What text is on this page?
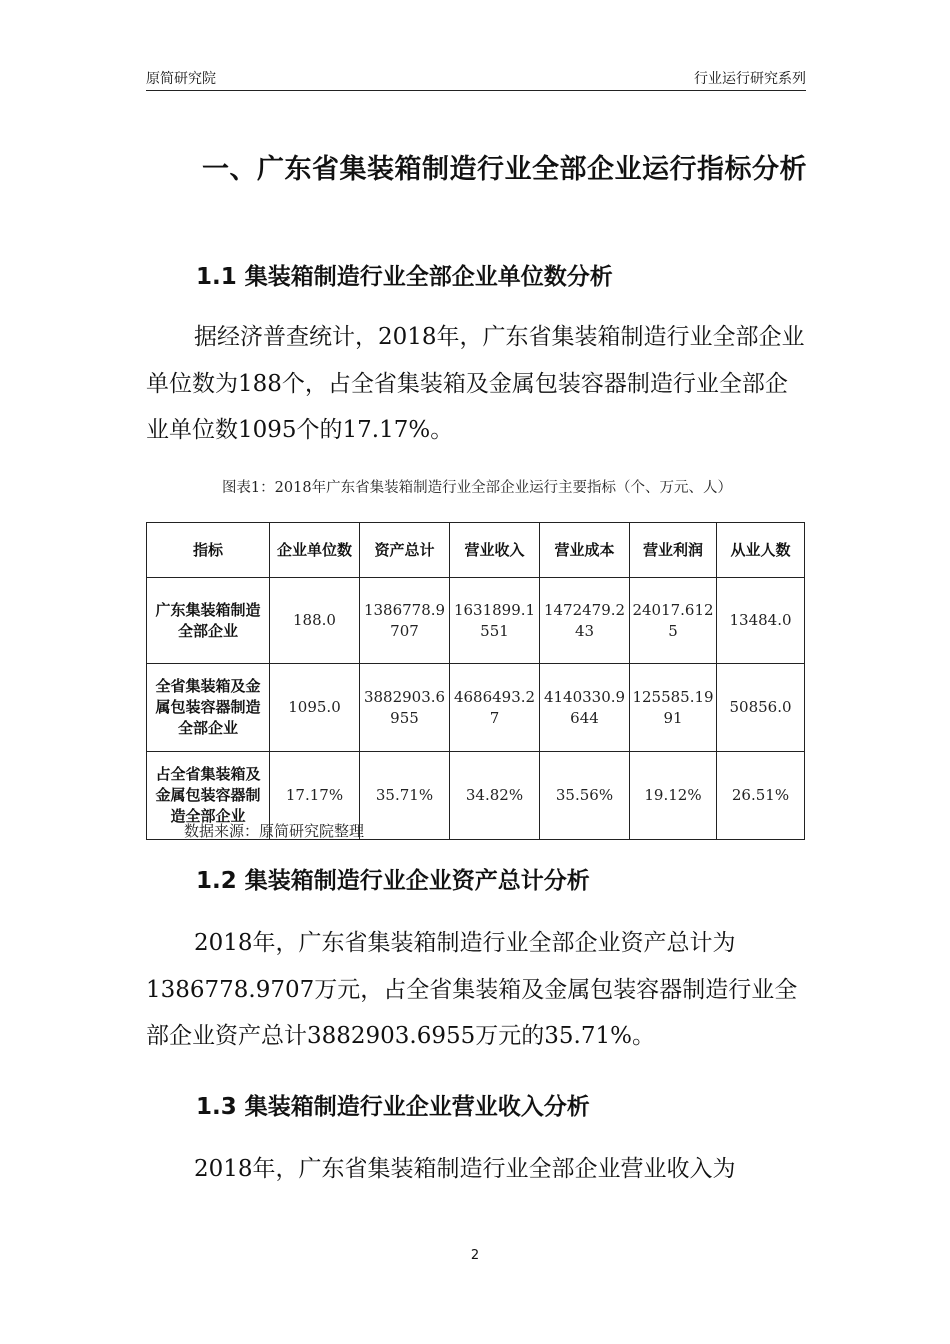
原简研究院	行业运行研究系列
一、广东省集装箱制造行业全部企业运行指标分析
1.1 集装箱制造行业全部企业单位数分析
据经济普查统计，2018年，广东省集装箱制造行业全部企业单位数为188个，占全省集装箱及金属包装容器制造行业全部企业单位数1095个的17.17%。
图表1：2018年广东省集装箱制造行业全部企业运行主要指标（个、万元、人）
指标	企业单位数	资产总计	营业收入	营业成本	营业利润	从业人数
广东集装箱制造全部企业	188.0	1386778.9707	1631899.1551	1472479.243	24017.6125	13484.0
全省集装箱及金属包装容器制造全部企业	1095.0	3882903.6955	4686493.27	4140330.9644	125585.1991	50856.0
占全省集装箱及金属包装容器制造全部企业	17.17%	35.71%	34.82%	35.56%	19.12%	26.51%
数据来源：原简研究院整理
1.2 集装箱制造行业企业资产总计分析
2018年，广东省集装箱制造行业全部企业资产总计为1386778.9707万元，占全省集装箱及金属包装容器制造行业全部企业资产总计3882903.6955万元的35.71%。
1.3 集装箱制造行业企业营业收入分析
2018年，广东省集装箱制造行业全部企业营业收入为
2
